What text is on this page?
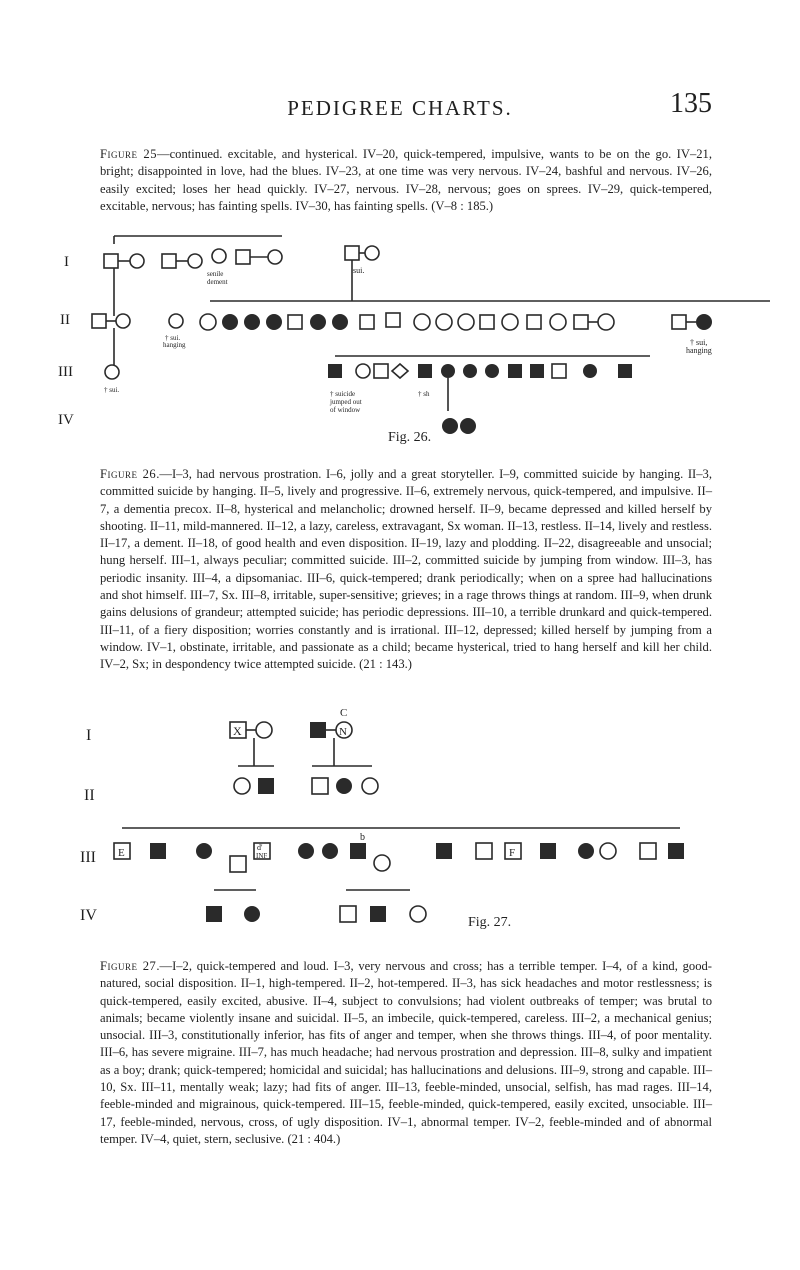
PEDIGREE CHARTS.	135

Figure 25—continued. excitable, and hysterical. IV–20, quick-tempered, impulsive, wants to be on the go. IV–21, bright; disappointed in love, had the blues. IV–23, at one time was very nervous. IV–24, bashful and nervous. IV–26, easily excited; loses her head quickly. IV–27, nervous. IV–28, nervous; goes on sprees. IV–29, quick-tempered, excitable, nervous; has fainting spells. IV–30, has fainting spells. (V–8 : 185.)

I
II
III
IV
senile
dement
sui.
† sui.
hanging	† sui,
hanging
† sui.	† suicide
jumped out
of window
† sh
Fig. 26.

Figure 26.—I–3, had nervous prostration. I–6, jolly and a great storyteller. I–9, committed suicide by hanging. II–3, committed suicide by hanging. II–5, lively and progressive. II–6, extremely nervous, quick-tempered, and impulsive. II–7, a dementia precox. II–8, hysterical and melancholic; drowned herself. II–9, became depressed and killed herself by shooting. II–11, mild-mannered. II–12, a lazy, careless, extravagant, Sx woman. II–13, restless. II–14, lively and restless. II–17, a dement. II–18, of good health and even disposition. II–19, lazy and plodding. II–22, disagreeable and unsocial; hung herself. III–1, always peculiar; committed suicide. III–2, committed suicide by jumping from window. III–3, has periodic insanity. III–4, a dipsomaniac. III–6, quick-tempered; drank periodically; when on a spree had hallucinations and shot himself. III–7, Sx. III–8, irritable, super-sensitive; grieves; in a rage throws things at random. III–9, when drunk gains delusions of grandeur; attempted suicide; has periodic depressions. III–10, a terrible drunkard and quick-tempered. III–11, of a fiery disposition; worries constantly and is irrational. III–12, depressed; killed herself by jumping from a window. IV–1, obstinate, irritable, and passionate as a child; became hysterical, tried to hang herself and kill her child. IV–2, Sx; in despondency twice attempted suicide. (21 : 143.)

I
II
III
IV
X	N
C
E
b
F
d'
INF
Fig. 27.

Figure 27.—I–2, quick-tempered and loud. I–3, very nervous and cross; has a terrible temper. I–4, of a kind, good-natured, social disposition. II–1, high-tempered. II–2, hot-tempered. II–3, has sick headaches and motor restlessness; is quick-tempered, easily excited, abusive. II–4, subject to convulsions; had violent outbreaks of temper; was brutal to animals; became violently insane and suicidal. II–5, an imbecile, quick-tempered, careless. III–2, a mechanical genius; unsocial. III–3, constitutionally inferior, has fits of anger and temper, when she throws things. III–4, of poor mentality. III–6, has severe migraine. III–7, has much headache; had nervous prostration and depression. III–8, sulky and impatient as a boy; drank; quick-tempered; homicidal and suicidal; has hallucinations and delusions. III–9, strong and capable. III–10, Sx. III–11, mentally weak; lazy; had fits of anger. III–13, feeble-minded, unsocial, selfish, has mad rages. III–14, feeble-minded and migrainous, quick-tempered. III–15, feeble-minded, quick-tempered, easily excited, unsociable. III–17, feeble-minded, nervous, cross, of ugly disposition. IV–1, abnormal temper. IV–2, feeble-minded and of abnormal temper. IV–4, quiet, stern, seclusive. (21 : 404.)
